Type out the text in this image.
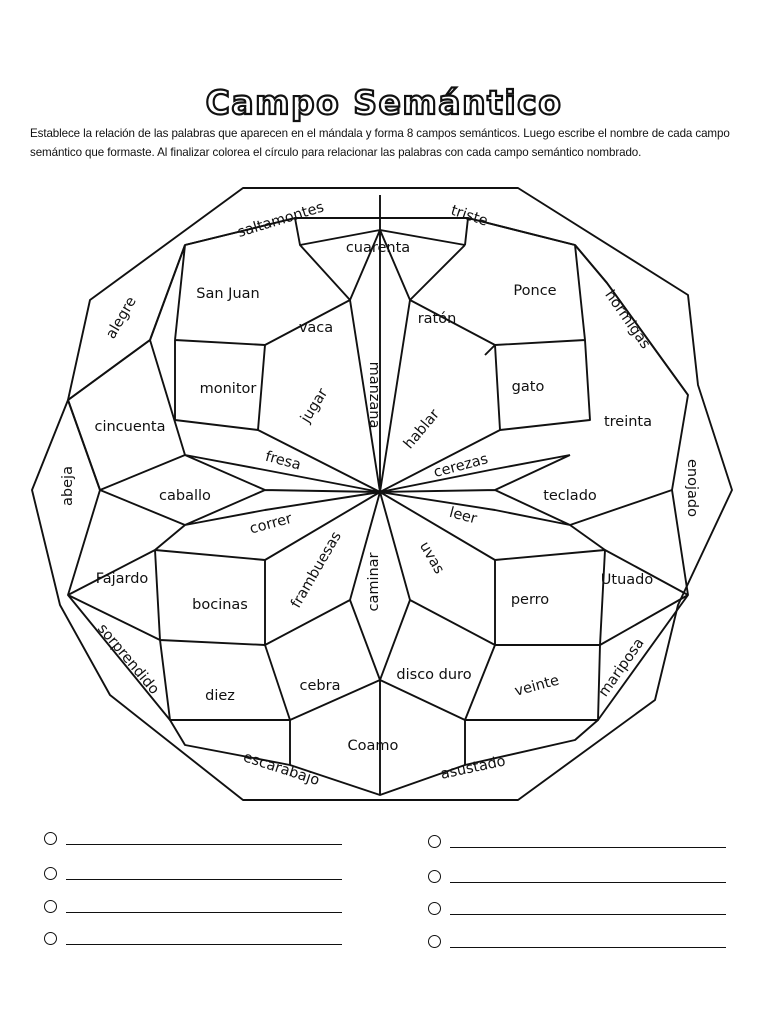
Campo Semántico
Establece la relación de las palabras que aparecen en el mándala y forma 8 campos semánticos. Luego escribe el nombre de cada campo semántico que formaste. Al finalizar colorea el círculo para relacionar las palabras con cada campo semántico nombrado.
saltamontes	triste
cuarenta
hormigas
Ponce
ratón
vaca
San Juan
alegre
monitor	jugar manzana
hablar
gato
treinta
cincuenta
fresa	cerezas	enojado
abeja	caballo	teclado
correr	leer
Fajardo	frambuesas caminar uvas
Utuado
bocinas	perro
sorprendido	mariposa
diez
cebra
disco duro	veinte
Coamo
escarabajo	asustado
